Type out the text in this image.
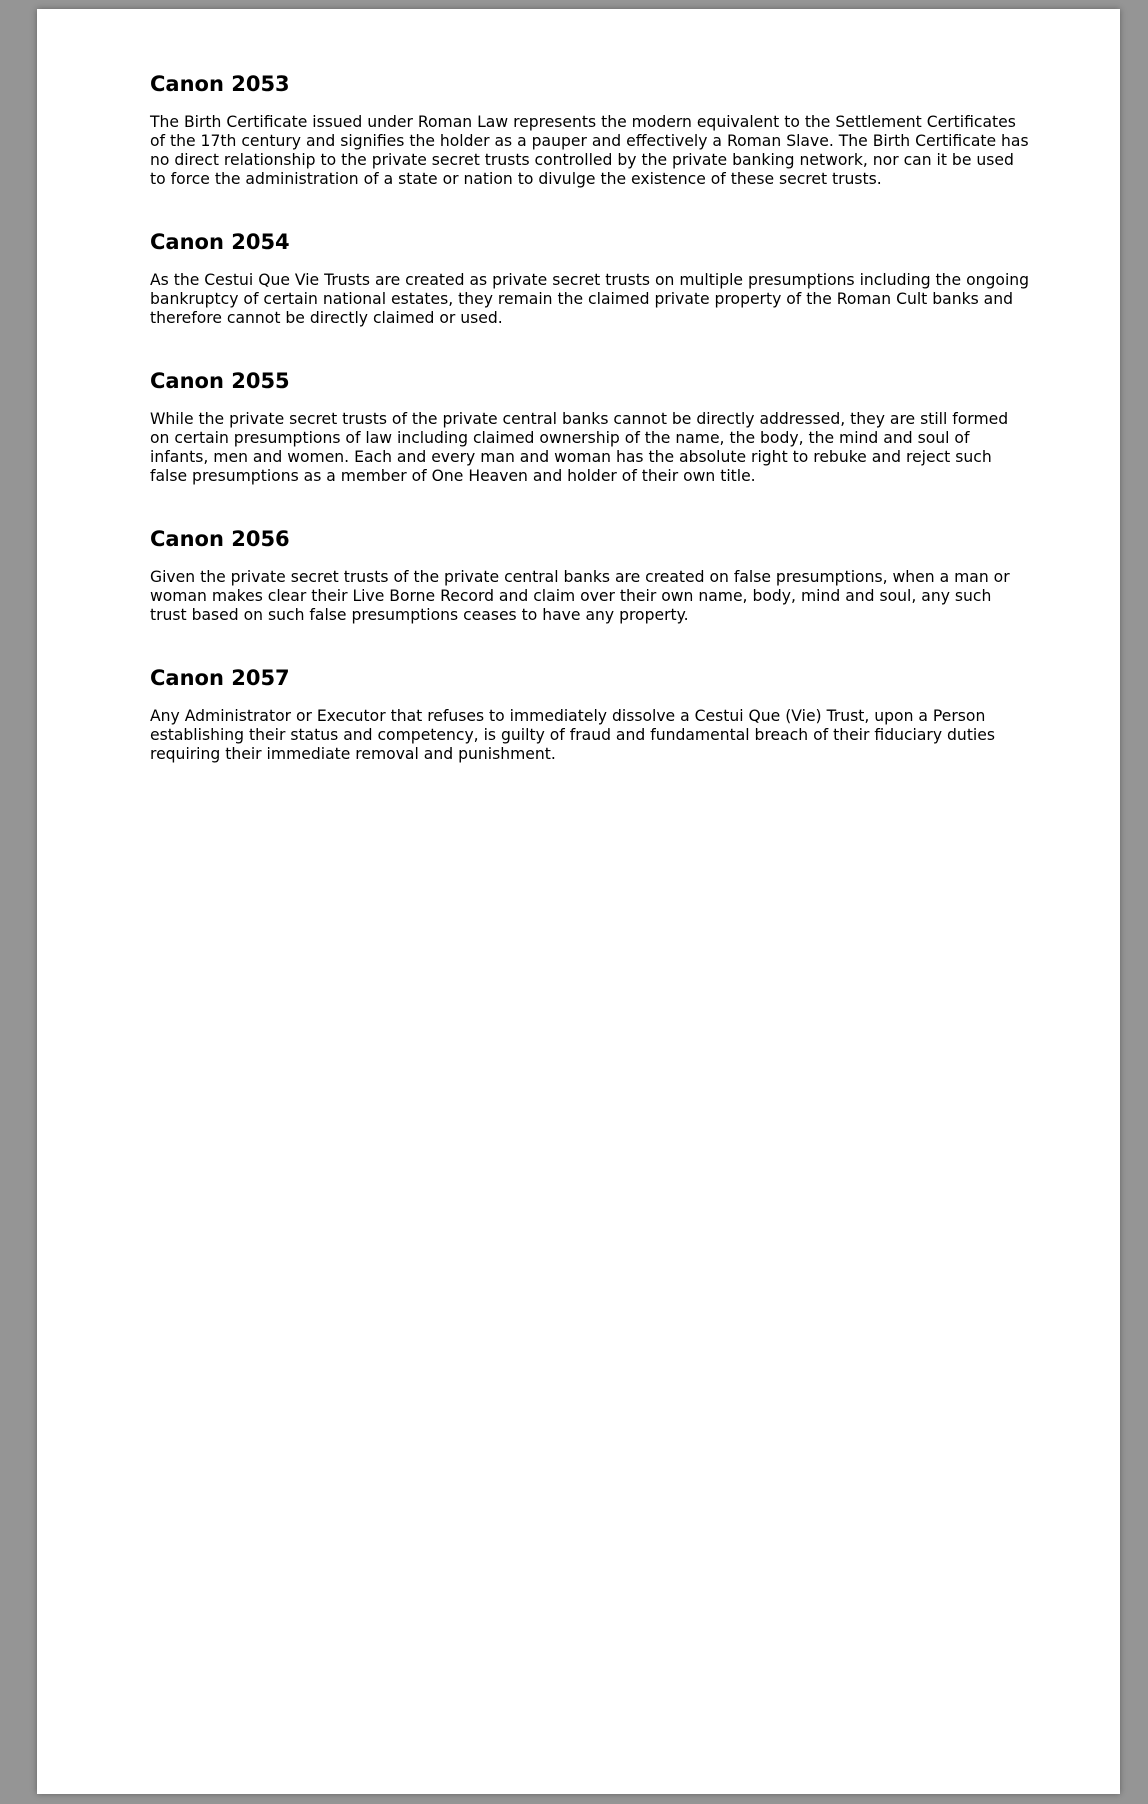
Canon 2053

The Birth Certificate issued under Roman Law represents the modern equivalent to the Settlement Certificates of the 17th century and signifies the holder as a pauper and effectively a Roman Slave. The Birth Certificate has no direct relationship to the private secret trusts controlled by the private banking network, nor can it be used to force the administration of a state or nation to divulge the existence of these secret trusts.

Canon 2054

As the Cestui Que Vie Trusts are created as private secret trusts on multiple presumptions including the ongoing bankruptcy of certain national estates, they remain the claimed private property of the Roman Cult banks and therefore cannot be directly claimed or used.

Canon 2055

While the private secret trusts of the private central banks cannot be directly addressed, they are still formed on certain presumptions of law including claimed ownership of the name, the body, the mind and soul of infants, men and women. Each and every man and woman has the absolute right to rebuke and reject such false presumptions as a member of One Heaven and holder of their own title.

Canon 2056

Given the private secret trusts of the private central banks are created on false presumptions, when a man or woman makes clear their Live Borne Record and claim over their own name, body, mind and soul, any such trust based on such false presumptions ceases to have any property.

Canon 2057

Any Administrator or Executor that refuses to immediately dissolve a Cestui Que (Vie) Trust, upon a Person establishing their status and competency, is guilty of fraud and fundamental breach of their fiduciary duties requiring their immediate removal and punishment.
